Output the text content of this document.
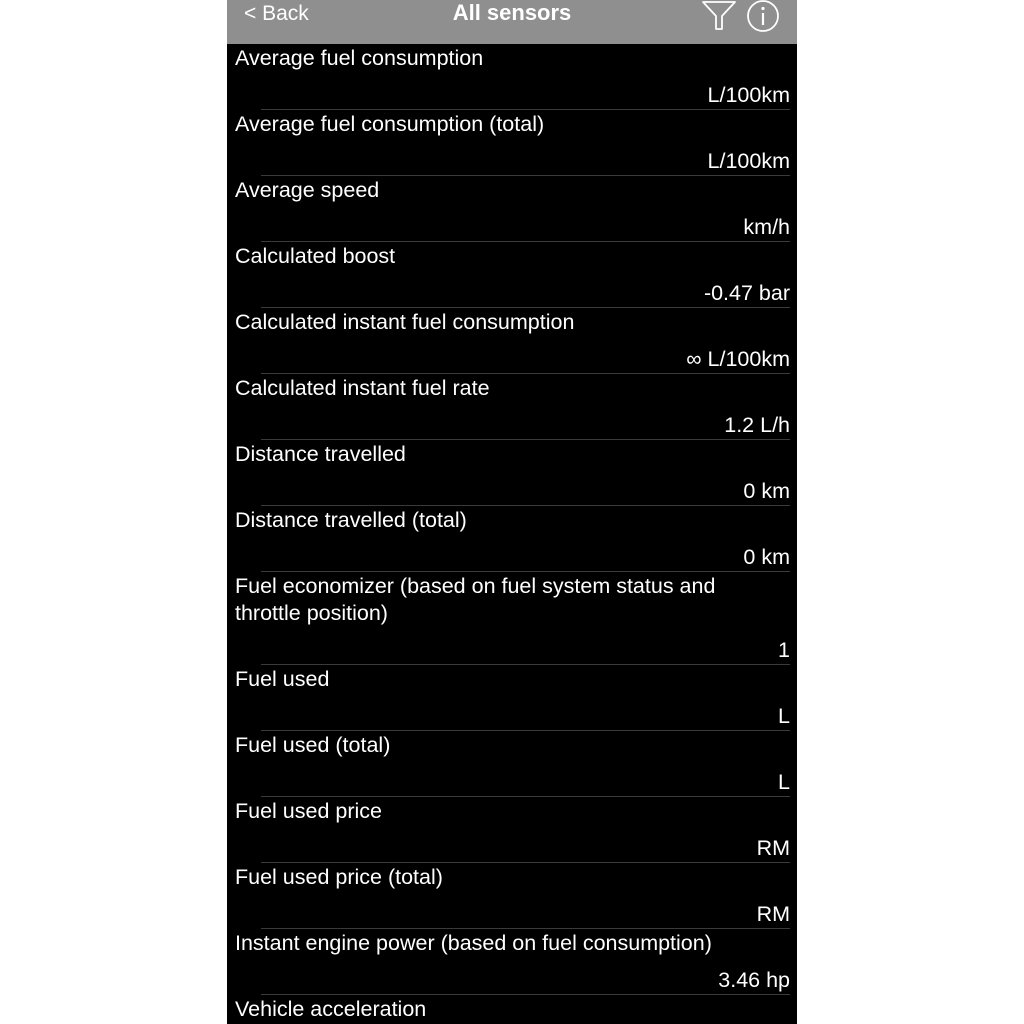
< Back	All sensors
Average fuel consumption
L/100km
Average fuel consumption (total)
L/100km
Average speed
km/h
Calculated boost
-0.47 bar
Calculated instant fuel consumption
∞ L/100km
Calculated instant fuel rate
1.2 L/h
Distance travelled
0 km
Distance travelled (total)
0 km
Fuel economizer (based on fuel system status and throttle position)
1
Fuel used
L
Fuel used (total)
L
Fuel used price
RM
Fuel used price (total)
RM
Instant engine power (based on fuel consumption)
3.46 hp
Vehicle acceleration
